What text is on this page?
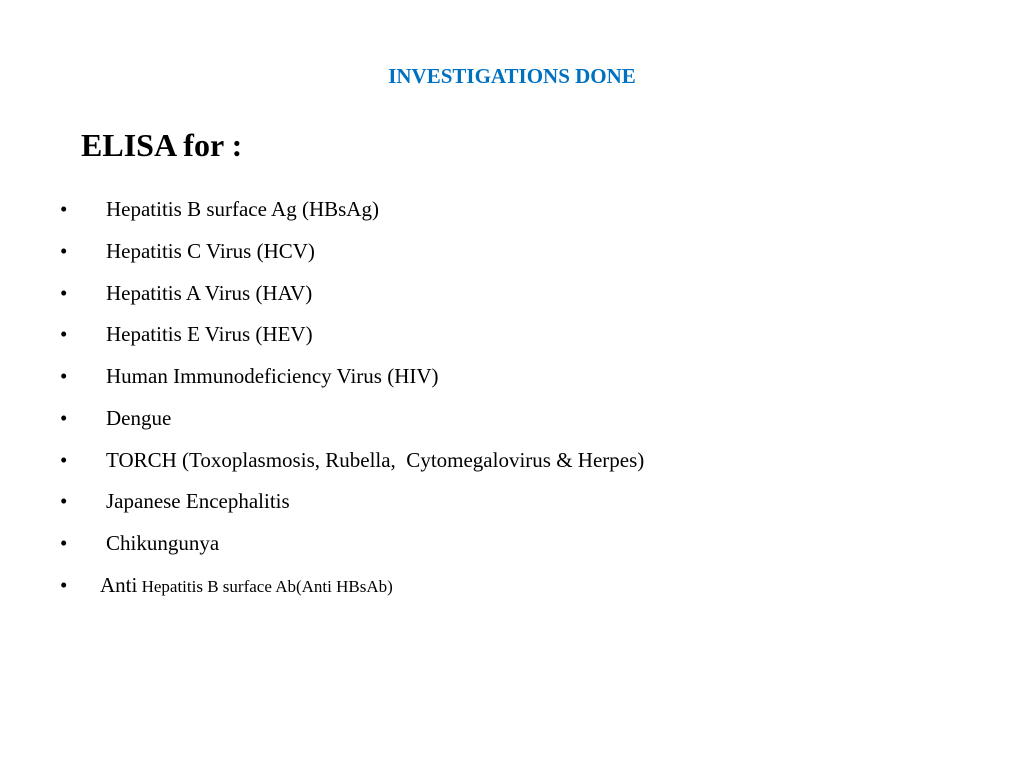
INVESTIGATIONS DONE
ELISA for :
• Hepatitis B surface Ag (HBsAg)
• Hepatitis C Virus (HCV)
• Hepatitis A Virus (HAV)
• Hepatitis E Virus (HEV)
• Human Immunodeficiency Virus (HIV)
• Dengue
• TORCH (Toxoplasmosis, Rubella,  Cytomegalovirus & Herpes)
• Japanese Encephalitis
• Chikungunya
• Anti Hepatitis B surface Ab(Anti HBsAb)
